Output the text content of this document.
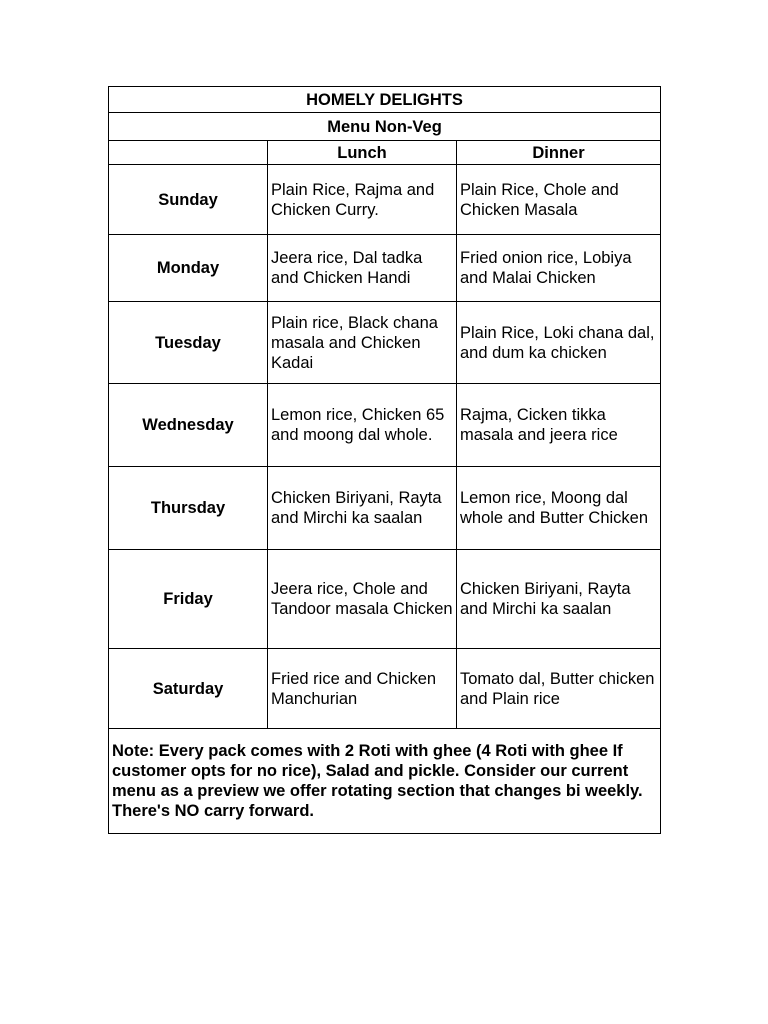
HOMELY DELIGHTS		
Menu Non-Veg		
	Lunch	Dinner
Sunday	Plain Rice, Rajma and Chicken Curry.	Plain Rice, Chole and Chicken Masala
Monday	Jeera rice, Dal tadka and Chicken Handi	Fried onion rice, Lobiya and Malai Chicken
Tuesday	Plain rice, Black chana masala and Chicken Kadai	Plain Rice, Loki chana dal, and dum ka chicken
Wednesday	Lemon rice, Chicken 65 and moong dal whole.	Rajma, Cicken tikka masala and jeera rice
Thursday	Chicken Biriyani, Rayta and Mirchi ka saalan	Lemon rice, Moong dal whole and Butter Chicken
Friday	Jeera rice, Chole and Tandoor masala Chicken	Chicken Biriyani, Rayta and Mirchi ka saalan
Saturday	Fried rice and Chicken Manchurian	Tomato dal, Butter chicken and Plain rice
Note: Every pack comes with 2 Roti with ghee (4 Roti with ghee If customer opts for no rice), Salad and pickle. Consider our current menu as a preview we offer rotating section that changes bi weekly. There's NO carry forward.		
